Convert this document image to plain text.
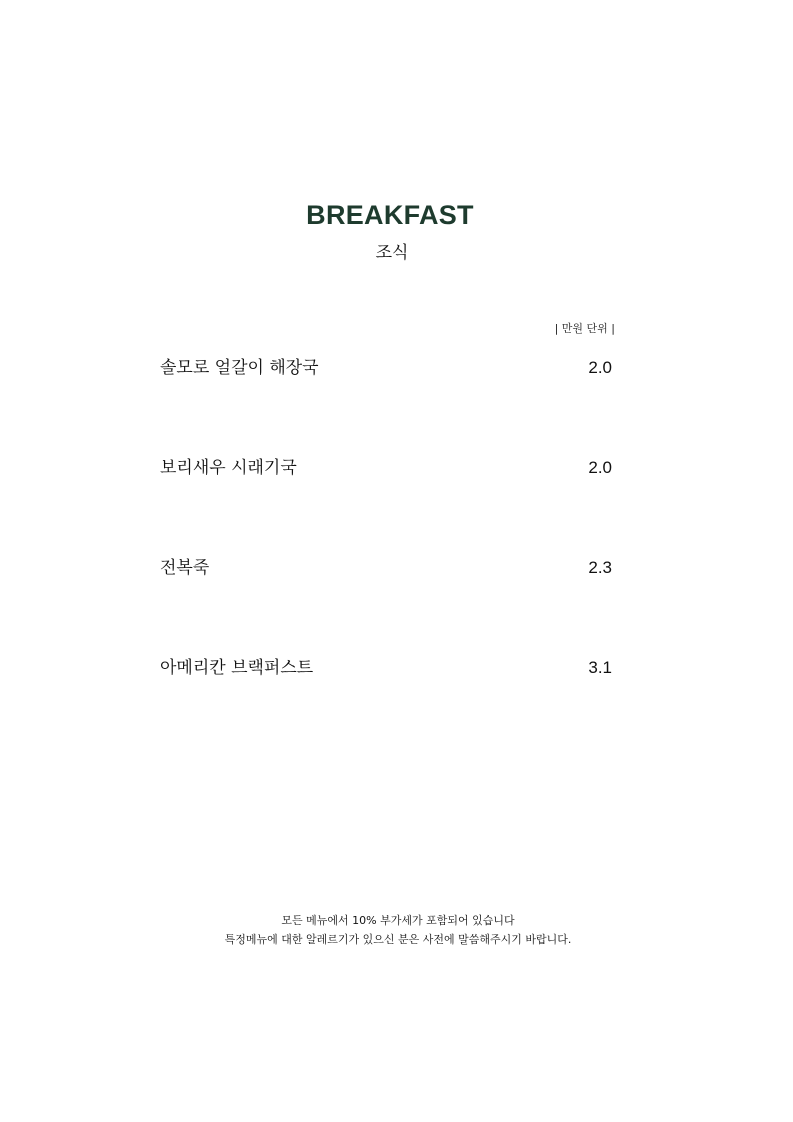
BREAKFAST
조식
| 만원 단위 |
솔모로 얼갈이 해장국	2.0
보리새우 시래기국	2.0
전복죽	2.3
아메리칸 브랙퍼스트	3.1
모든 메뉴에서 10% 부가세가 포함되어 있습니다
특정메뉴에 대한 알레르기가 있으신 분은 사전에 말씀해주시기 바랍니다.
